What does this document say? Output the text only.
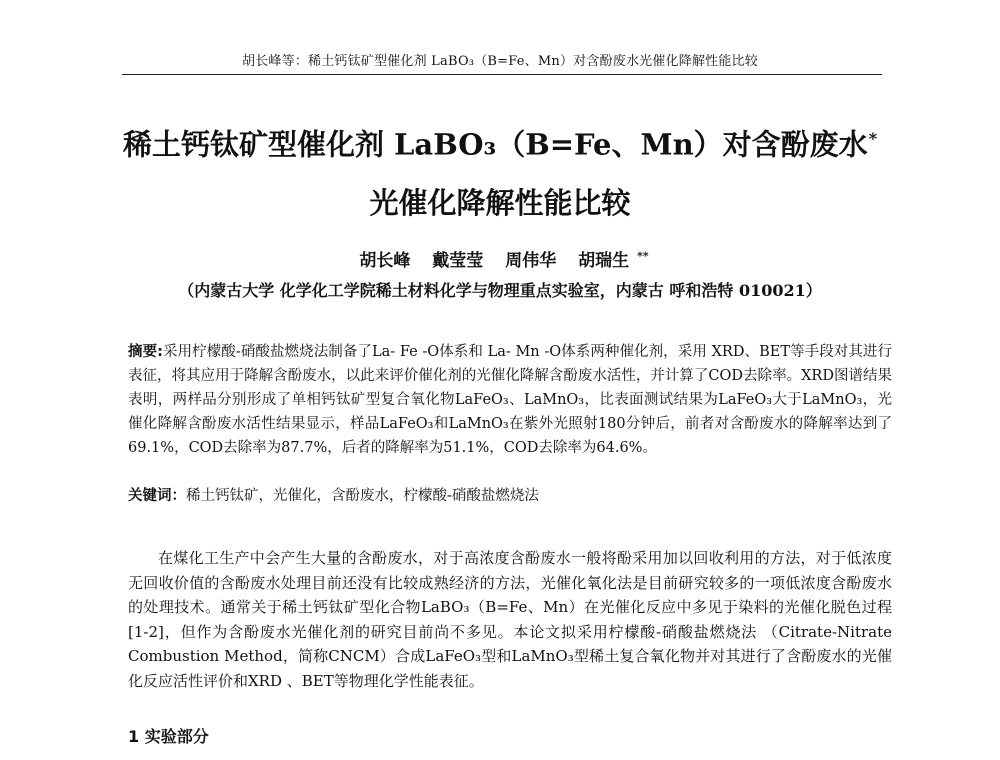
胡长峰等：稀土钙钛矿型催化剂 LaBO₃（B=Fe、Mn）对含酚废水光催化降解性能比较
稀土钙钛矿型催化剂 LaBO₃（B=Fe、Mn）对含酚废水*
光催化降解性能比较
胡长峰 戴莹莹 周伟华 胡瑞生 **
（内蒙古大学 化学化工学院稀土材料化学与物理重点实验室，内蒙古 呼和浩特 010021）
摘要:采用柠檬酸-硝酸盐燃烧法制备了La- Fe -O体系和 La- Mn -O体系两种催化剂，采用 XRD、BET等手段对其进行表征，将其应用于降解含酚废水，以此来评价催化剂的光催化降解含酚废水活性，并计算了COD去除率。XRD图谱结果表明，两样品分别形成了单相钙钛矿型复合氧化物LaFeO₃、LaMnO₃，比表面测试结果为LaFeO₃大于LaMnO₃，光催化降解含酚废水活性结果显示，样品LaFeO₃和LaMnO₃在紫外光照射180分钟后，前者对含酚废水的降解率达到了69.1%，COD去除率为87.7%，后者的降解率为51.1%，COD去除率为64.6%。
关键词：稀土钙钛矿，光催化，含酚废水，柠檬酸-硝酸盐燃烧法
在煤化工生产中会产生大量的含酚废水，对于高浓度含酚废水一般将酚采用加以回收利用的方法，对于低浓度无回收价值的含酚废水处理目前还没有比较成熟经济的方法，光催化氧化法是目前研究较多的一项低浓度含酚废水的处理技术。通常关于稀土钙钛矿型化合物LaBO₃（B=Fe、Mn）在光催化反应中多见于染料的光催化脱色过程[1-2]，但作为含酚废水光催化剂的研究目前尚不多见。本论文拟采用柠檬酸-硝酸盐燃烧法 （Citrate-Nitrate Combustion Method，简称CNCM）合成LaFeO₃型和LaMnO₃型稀土复合氧化物并对其进行了含酚废水的光催化反应活性评价和XRD 、BET等物理化学性能表征。
1 实验部分
